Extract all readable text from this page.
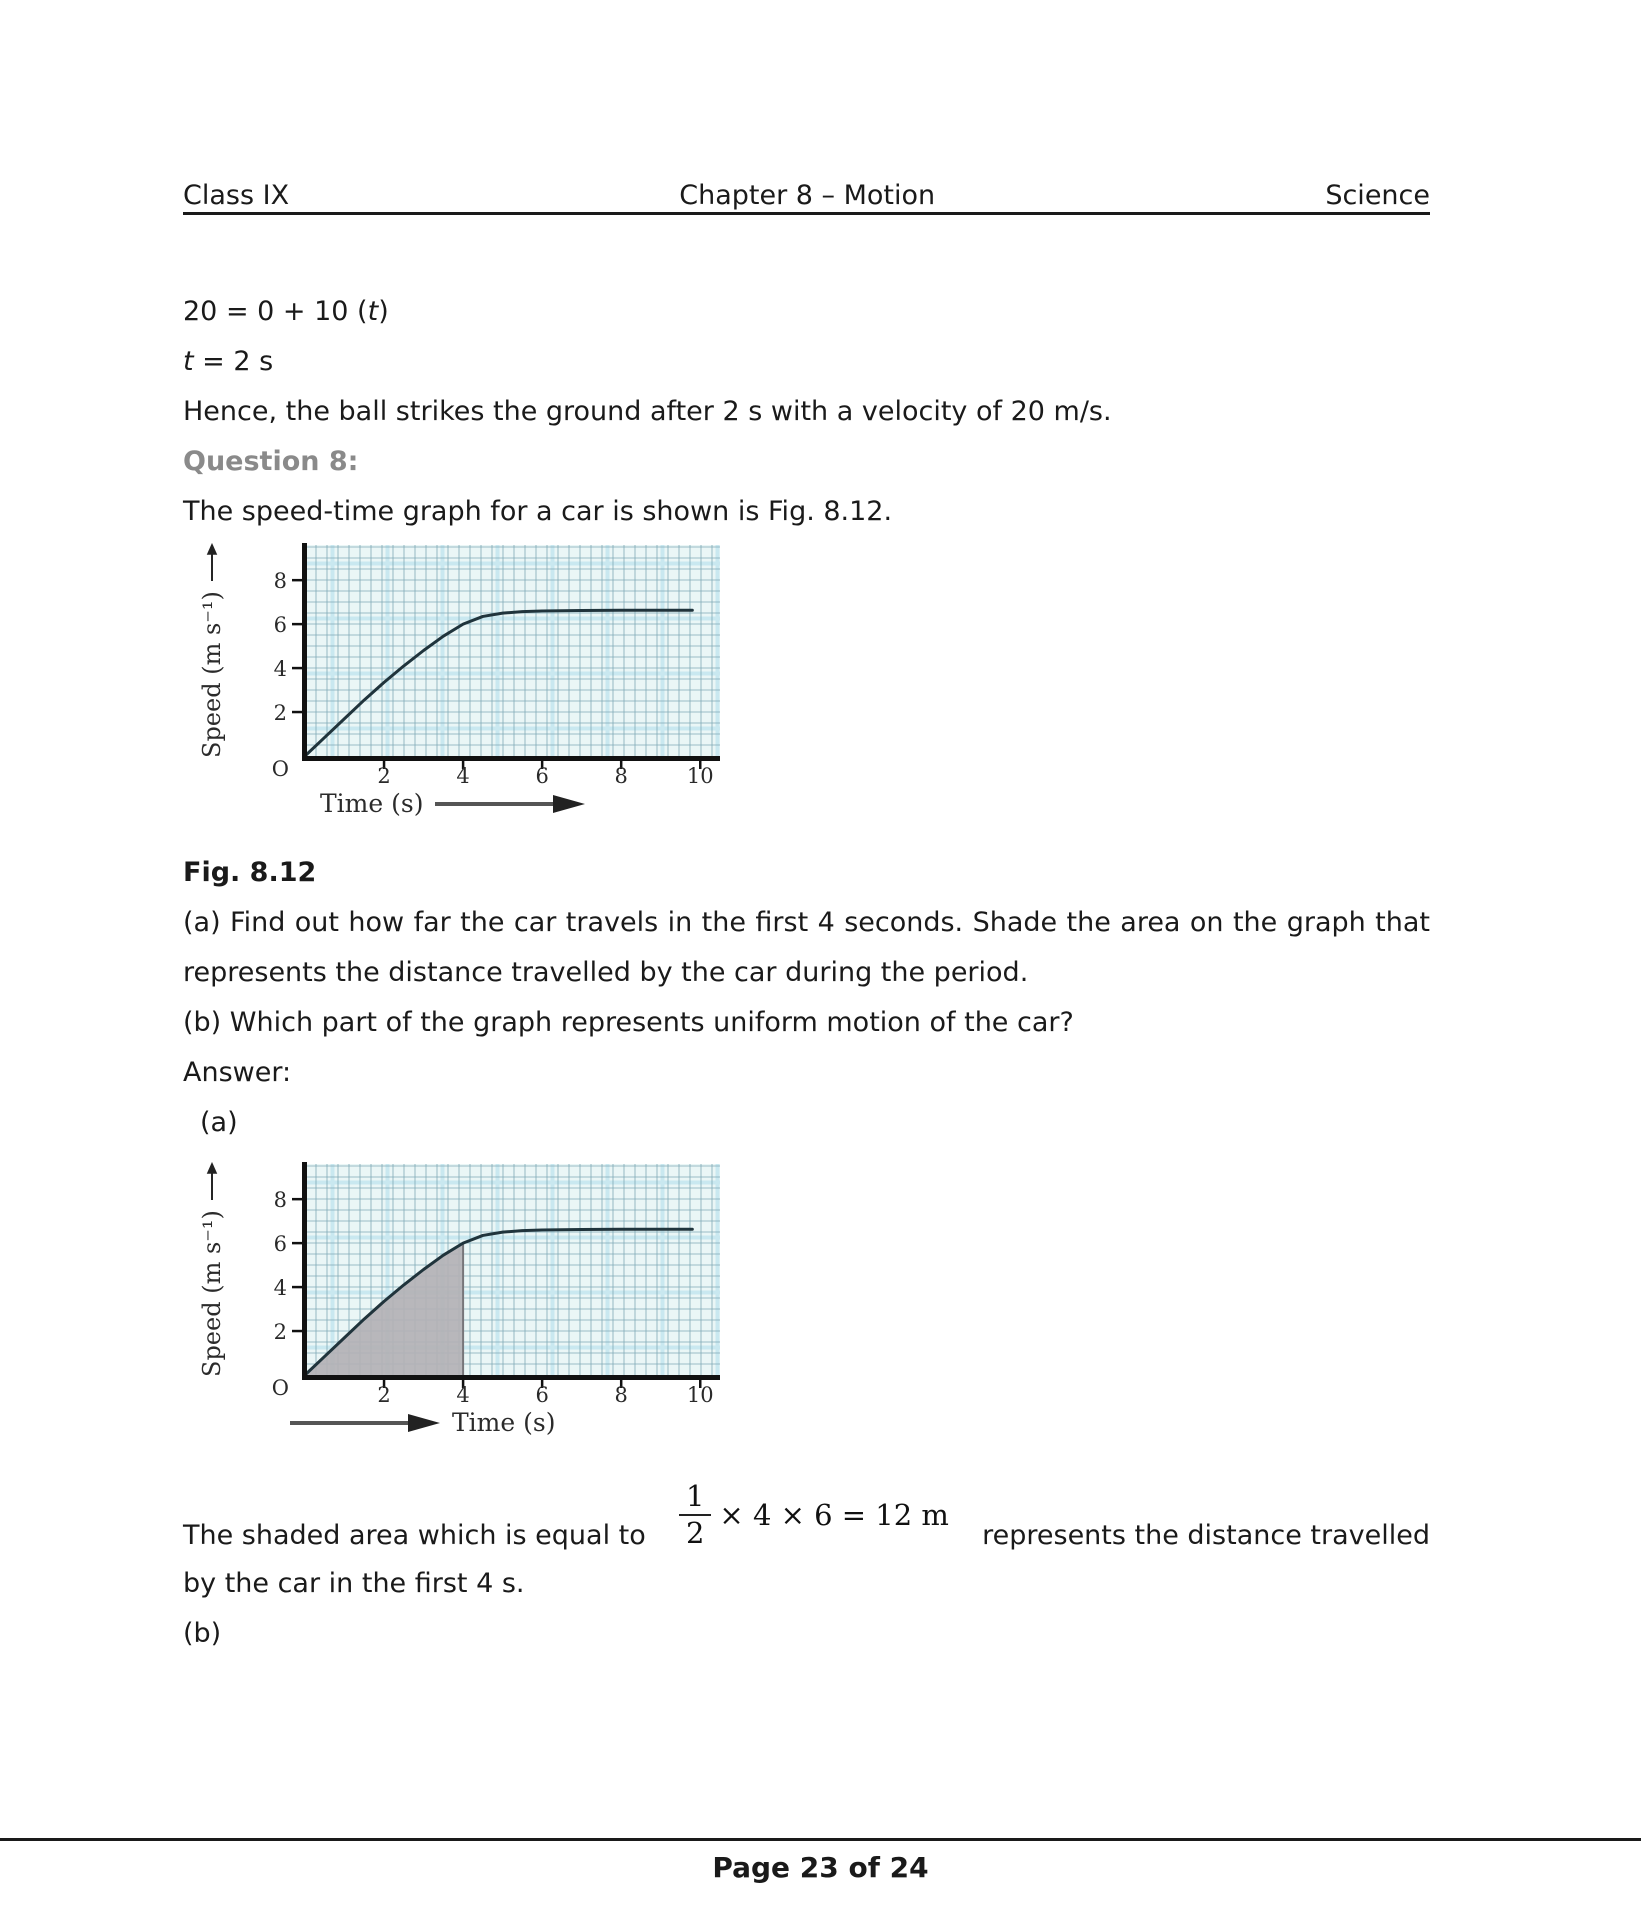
Class IX	Chapter 8 – Motion	Science

20 = 0 + 10 (t)

t = 2 s

Hence, the ball strikes the ground after 2 s with a velocity of 20 m/s.

Question 8:

The speed-time graph for a car is shown is Fig. 8.12.

Speed (m s⁻¹)
2	4	6	8	10
2
4
6
8
O
Time (s)

Fig. 8.12

(a) Find out how far the car travels in the first 4 seconds. Shade the area on the graph that represents the distance travelled by the car during the period.

(b) Which part of the graph represents uniform motion of the car?

Answer:

(a)

Speed (m s⁻¹)
2	4	6	8	10
2
4
6
8
O
Time (s)
The shaded area which is equal to $\frac{1}{2} \times 4 \times 6 = 12$ m
represents the distance travelled

by the car in the first 4 s.

(b)

Page 23 of 24
